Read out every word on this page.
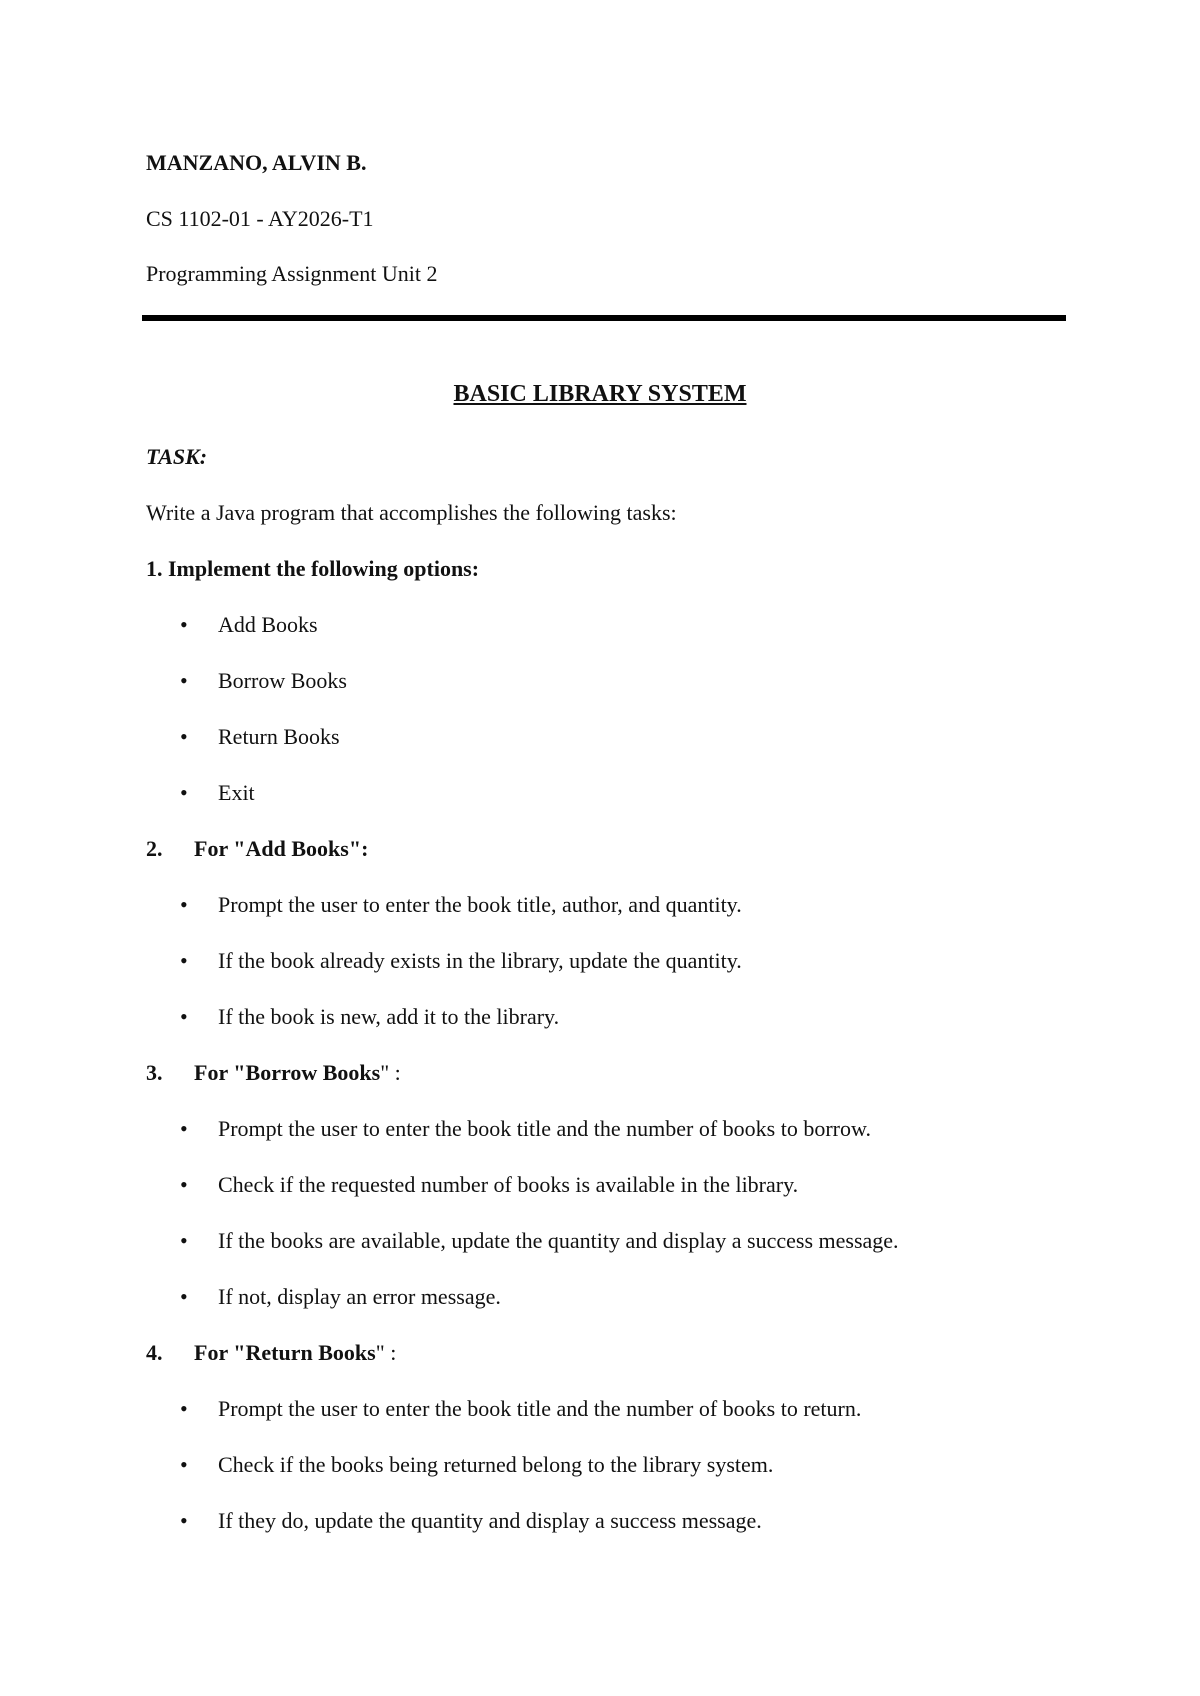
MANZANO, ALVIN B.
CS 1102-01 - AY2026-T1
Programming Assignment Unit 2
BASIC LIBRARY SYSTEM
TASK:
Write a Java program that accomplishes the following tasks:
1. Implement the following options:
• Add Books
• Borrow Books
• Return Books
• Exit
2. For "Add Books":
• Prompt the user to enter the book title, author, and quantity.
• If the book already exists in the library, update the quantity.
• If the book is new, add it to the library.
3. For "Borrow Books" :
• Prompt the user to enter the book title and the number of books to borrow.
• Check if the requested number of books is available in the library.
• If the books are available, update the quantity and display a success message.
• If not, display an error message.
4. For "Return Books" :
• Prompt the user to enter the book title and the number of books to return.
• Check if the books being returned belong to the library system.
• If they do, update the quantity and display a success message.
